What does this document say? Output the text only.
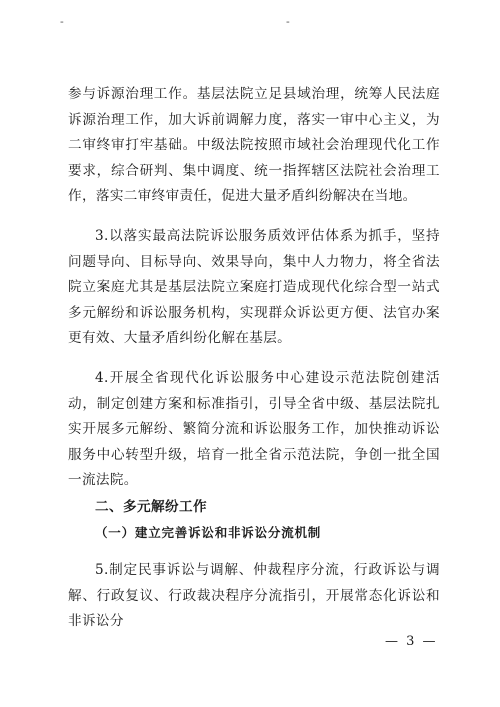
-	-

参与诉源治理工作。基层法院立足县域治理，统筹人民法庭诉源治理工作，加大诉前调解力度，落实一审中心主义，为二审终审打牢基础。中级法院按照市域社会治理现代化工作要求，综合研判、集中调度、统一指挥辖区法院社会治理工作，落实二审终审责任，促进大量矛盾纠纷解决在当地。

3.以落实最高法院诉讼服务质效评估体系为抓手，坚持问题导向、目标导向、效果导向，集中人力物力，将全省法院立案庭尤其是基层法院立案庭打造成现代化综合型一站式多元解纷和诉讼服务机构，实现群众诉讼更方便、法官办案更有效、大量矛盾纠纷化解在基层。

4.开展全省现代化诉讼服务中心建设示范法院创建活动，制定创建方案和标准指引，引导全省中级、基层法院扎实开展多元解纷、繁简分流和诉讼服务工作，加快推动诉讼服务中心转型升级，培育一批全省示范法院，争创一批全国一流法院。

二、多元解纷工作
（一）建立完善诉讼和非诉讼分流机制

5.制定民事诉讼与调解、仲裁程序分流，行政诉讼与调解、行政复议、行政裁决程序分流指引，开展常态化诉讼和非诉讼分

— 3 —
